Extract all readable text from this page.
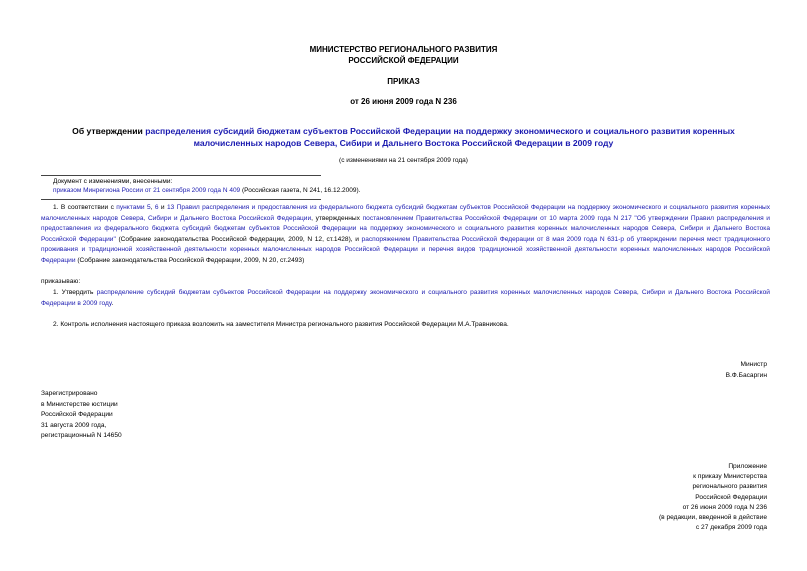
МИНИСТЕРСТВО РЕГИОНАЛЬНОГО РАЗВИТИЯ
РОССИЙСКОЙ ФЕДЕРАЦИИ
ПРИКАЗ
от 26 июня 2009 года N 236
Об утверждении распределения субсидий бюджетам субъектов Российской Федерации на поддержку экономического и социального развития коренных малочисленных народов Севера, Сибири и Дальнего Востока Российской Федерации в 2009 году
(с изменениями на 21 сентября 2009 года)
Документ с изменениями, внесенными:
приказом Минрегиона России от 21 сентября 2009 года N 409 (Российская газета, N 241, 16.12.2009).
1. В соответствии с пунктами 5, 6 и 13 Правил распределения и предоставления из федерального бюджета субсидий бюджетам субъектов Российской Федерации на поддержку экономического и социального развития коренных малочисленных народов Севера, Сибири и Дальнего Востока Российской Федерации, утвержденных постановлением Правительства Российской Федерации от 10 марта 2009 года N 217 "Об утверждении Правил распределения и предоставления из федерального бюджета субсидий бюджетам субъектов Российской Федерации на поддержку экономического и социального развития коренных малочисленных народов Севера, Сибири и Дальнего Востока Российской Федерации" (Собрание законодательства Российской Федерации, 2009, N 12, ст.1428), и распоряжением Правительства Российской Федерации от 8 мая 2009 года N 631-р об утверждении перечня мест традиционного проживания и традиционной хозяйственной деятельности коренных малочисленных народов Российской Федерации и перечня видов традиционной хозяйственной деятельности коренных малочисленных народов Российской Федерации (Собрание законодательства Российской Федерации, 2009, N 20, ст.2493)
приказываю:
1. Утвердить распределение субсидий бюджетам субъектов Российской Федерации на поддержку экономического и социального развития коренных малочисленных народов Севера, Сибири и Дальнего Востока Российской Федерации в 2009 году.
2. Контроль исполнения настоящего приказа возложить на заместителя Министра регионального развития Российской Федерации М.А.Травникова.
Министр
В.Ф.Басаргин
Зарегистрировано
в Министерстве юстиции
Российской Федерации
31 августа 2009 года,
регистрационный N 14650
Приложение
к приказу Министерства
регионального развития
Российской Федерации
от 26 июня 2009 года N 236
(в редакции, введенной в действие
с 27 декабря 2009 года
